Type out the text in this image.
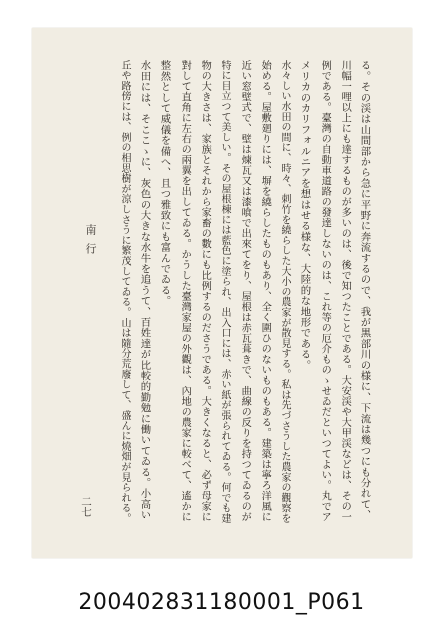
る。その渓は山間部から急に平野に奔流するので、我が黒部川の様に、下流は幾つにも分れて、
川幅一哩以上にも達するものが多いのは、後で知つたことである。大安渓や大甲渓などは、その一
例である。臺灣の自動車道路の發達しないのは、これ等の厄介ものゝせゐだといつてよい。丸でア
メリカのカリフォルニアを想はせる様な、大陸的な地形である。
水々しい水田の間に、時々、刺竹を繞らした大小の農家が散見する。私は先づさうした農家の觀察を
始める。屋敷廻りには、塀を繞らしたものもあり、全く圍ひのないものもある。建築は寧ろ洋風に
近い窓壁式で、壁は煉瓦又は漆喰で出來てをり、屋根は赤瓦葺きで、曲線の反りを持つてゐるのが
特に目立つて美しい。その屋根棟には藍色に塗られ、出入口には、赤い紙が張られてゐる。何でも建
物の大きさは、家族とそれから家畜の數にも比例するのださうである。大きくなると、必ず母家に
對して直角に左右の兩翼を出してゐる。かうした臺灣家屋の外觀は、內地の農家に較べて、遙かに
整然として威儀を備へ、且つ雅致にも富んでゐる。
水田には、そここゝに、灰色の大きな水牛を追うて、百姓達が比較的勤勉に働いてゐる。小高い
丘や路傍には、例の相思樹が涼しさうに繁茂してゐる。山は隨分荒廢して、盛んに燒畑が見られる。
南行
二七
200402831180001_P061
